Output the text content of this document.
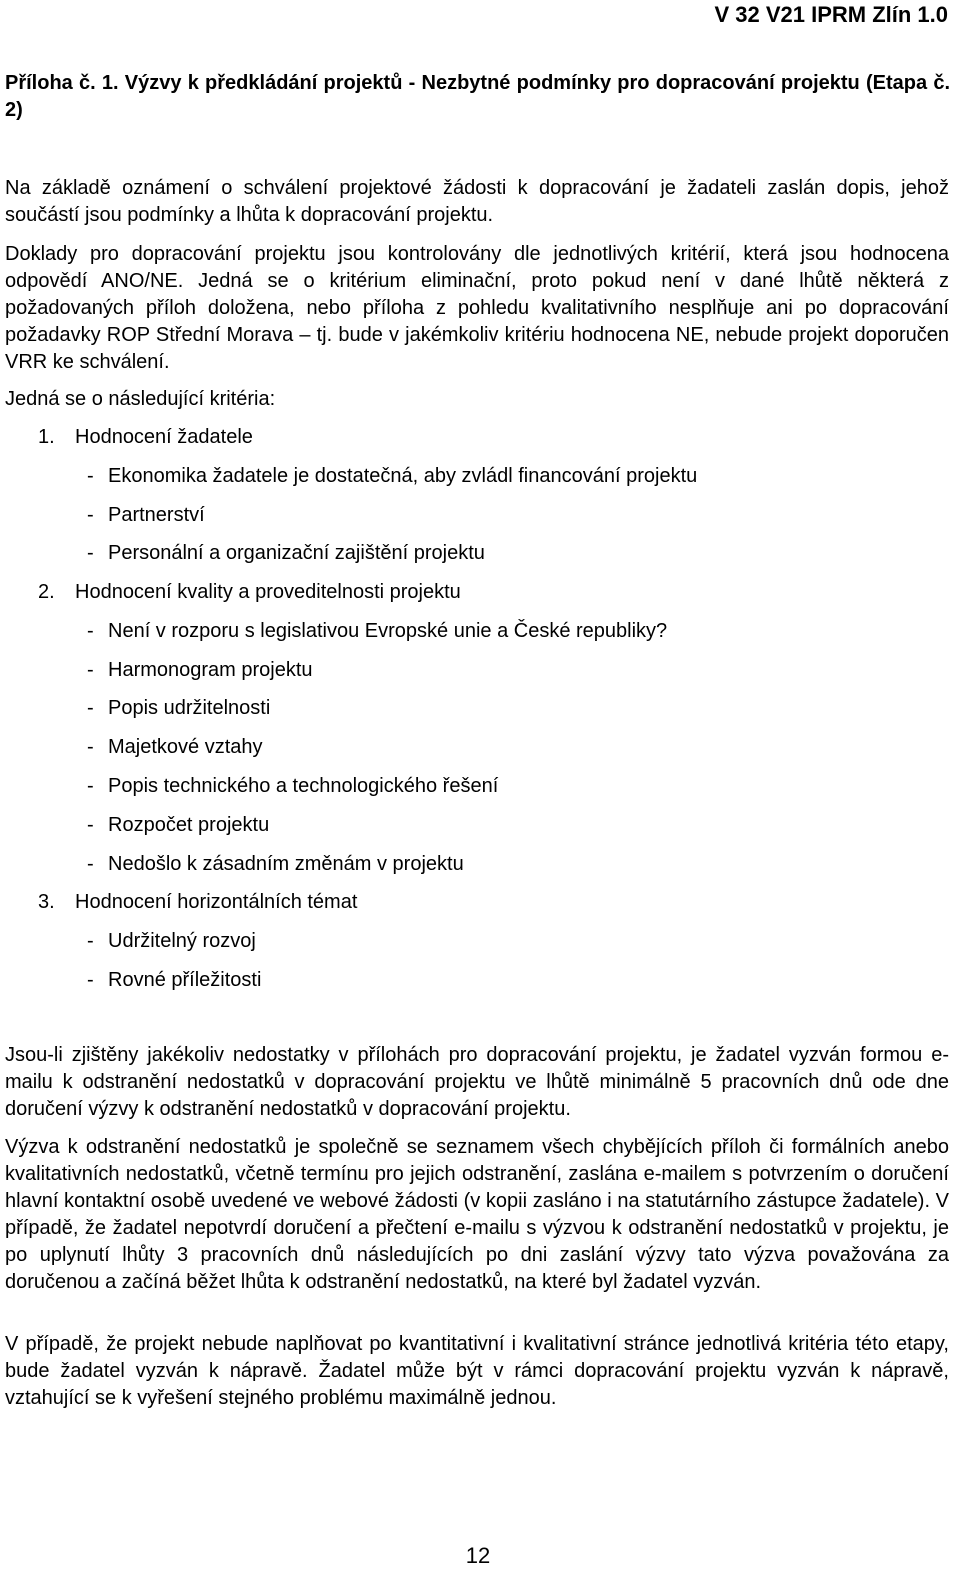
V 32 V21 IPRM Zlín 1.0
Příloha č. 1. Výzvy k předkládání projektů - Nezbytné podmínky pro dopracování projektu (Etapa č. 2)

Na základě oznámení o schválení projektové žádosti k dopracování je žadateli zaslán dopis, jehož součástí jsou podmínky a lhůta k dopracování projektu.

Doklady pro dopracování projektu jsou kontrolovány dle jednotlivých kritérií, která jsou hodnocena odpovědí ANO/NE. Jedná se o kritérium eliminační, proto pokud není v dané lhůtě některá z požadovaných příloh doložena, nebo příloha z pohledu kvalitativního nesplňuje ani po dopracování požadavky ROP Střední Morava – tj. bude v jakémkoliv kritériu hodnocena NE, nebude projekt doporučen VRR ke schválení.

Jedná se o následující kritéria:
1. Hodnocení žadatele
- Ekonomika žadatele je dostatečná, aby zvládl financování projektu
- Partnerství
- Personální a organizační zajištění projektu
2. Hodnocení kvality a proveditelnosti projektu
- Není v rozporu s legislativou Evropské unie a České republiky?
- Harmonogram projektu
- Popis udržitelnosti
- Majetkové vztahy
- Popis technického a technologického řešení
- Rozpočet projektu
- Nedošlo k zásadním změnám v projektu
3. Hodnocení horizontálních témat
- Udržitelný rozvoj
- Rovné příležitosti

Jsou-li zjištěny jakékoliv nedostatky v přílohách pro dopracování projektu, je žadatel vyzván formou e-mailu k odstranění nedostatků v dopracování projektu ve lhůtě minimálně 5 pracovních dnů ode dne doručení výzvy k odstranění nedostatků v dopracování projektu.

Výzva k odstranění nedostatků je společně se seznamem všech chybějících příloh či formálních anebo kvalitativních nedostatků, včetně termínu pro jejich odstranění, zaslána e-mailem s potvrzením o doručení hlavní kontaktní osobě uvedené ve webové žádosti (v kopii zasláno i na statutárního zástupce žadatele). V případě, že žadatel nepotvrdí doručení a přečtení e-mailu s výzvou k odstranění nedostatků v projektu, je po uplynutí lhůty 3 pracovních dnů následujících po dni zaslání výzvy tato výzva považována za doručenou a začíná běžet lhůta k odstranění nedostatků, na které byl žadatel vyzván.

V případě, že projekt nebude naplňovat po kvantitativní i kvalitativní stránce jednotlivá kritéria této etapy, bude žadatel vyzván k nápravě. Žadatel může být v rámci dopracování projektu vyzván k nápravě, vztahující se k vyřešení stejného problému maximálně jednou.

12
